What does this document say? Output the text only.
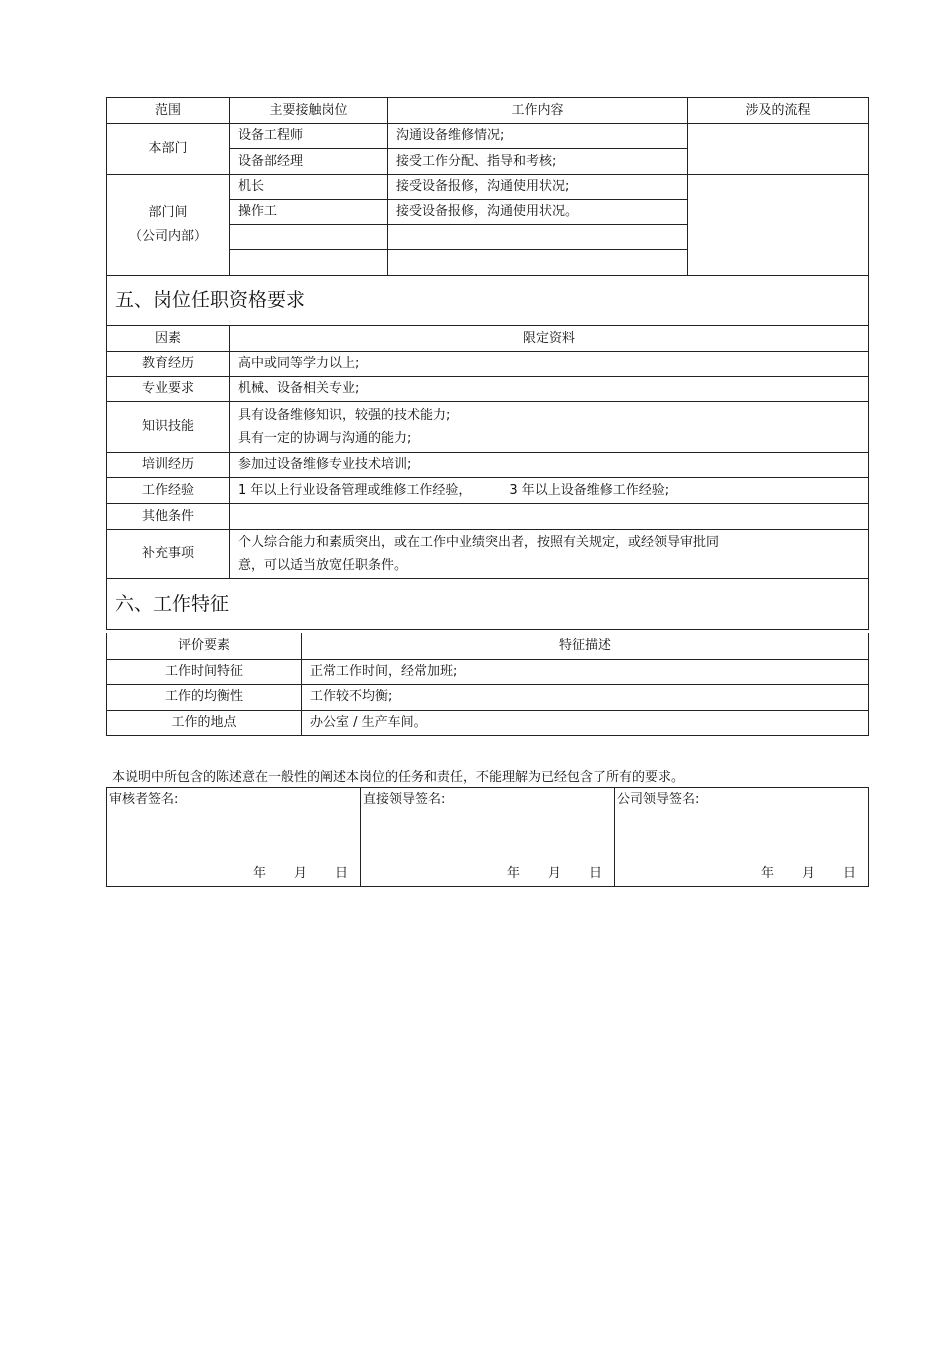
范围	主要接触岗位	工作内容	涉及的流程
本部门	设备工程师	沟通设备维修情况;	
	设备部经理	接受工作分配、指导和考核;	

部门间
（公司内部）	机长	接受设备报修，沟通使用状况;	
	操作工	接受设备报修，沟通使用状况。	

五、岗位任职资格要求			
因素	限定资料		
教育经历	高中或同等学力以上;		
专业要求	机械、设备相关专业;		
知识技能	具有设备维修知识，较强的技术能力;
具有一定的协调与沟通的能力;		

培训经历	参加过设备维修专业技术培训;		
工作经验	1 年以上行业设备管理或维修工作经验， 3 年以上设备维修工作经验;		
其他条件			
补充事项	个人综合能力和素质突出，或在工作中业绩突出者，按照有关规定，或经领导审批同
意，可以适当放宽任职条件。		

六、工作特征			
评价要素	特征描述
工作时间特征	正常工作时间，经常加班;
工作的均衡性	工作较不均衡;
工作的地点	办公室 / 生产车间。
本说明中所包含的陈述意在一般性的阐述本岗位的任务和责任，不能理解为已经包含了所有的要求。
审核者签名:
年 月 日

直接领导签名:
年 月 日

公司领导签名:
年 月 日
